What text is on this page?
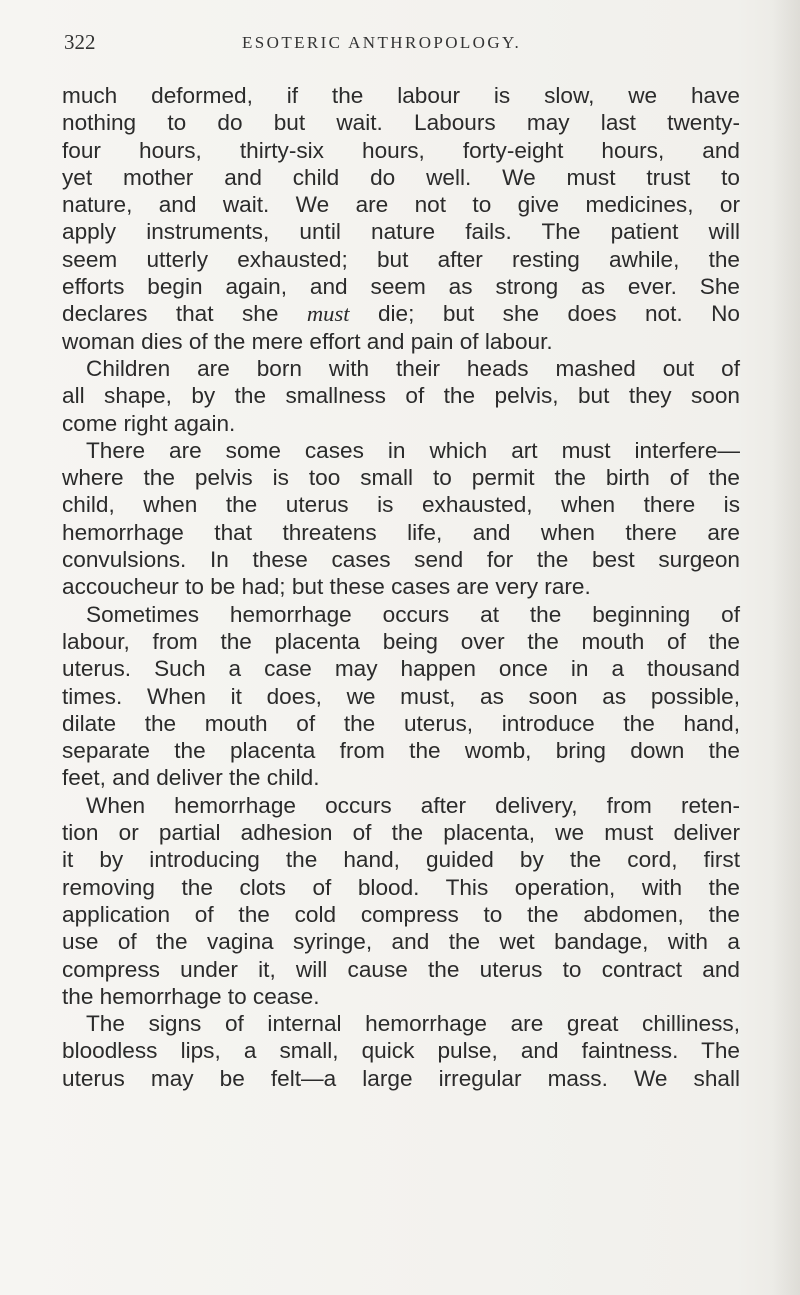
322	ESOTERIC ANTHROPOLOGY.
much deformed, if the labour is slow, we have
nothing to do but wait. Labours may last twenty-
four hours, thirty-six hours, forty-eight hours, and
yet mother and child do well. We must trust to
nature, and wait. We are not to give medicines, or
apply instruments, until nature fails. The patient will
seem utterly exhausted; but after resting awhile, the
efforts begin again, and seem as strong as ever. She
declares that she must die; but she does not. No
woman dies of the mere effort and pain of labour.
Children are born with their heads mashed out of
all shape, by the smallness of the pelvis, but they soon
come right again.
There are some cases in which art must interfere—
where the pelvis is too small to permit the birth of the
child, when the uterus is exhausted, when there is
hemorrhage that threatens life, and when there are
convulsions. In these cases send for the best surgeon
accoucheur to be had; but these cases are very rare.
Sometimes hemorrhage occurs at the beginning of
labour, from the placenta being over the mouth of the
uterus. Such a case may happen once in a thousand
times. When it does, we must, as soon as possible,
dilate the mouth of the uterus, introduce the hand,
separate the placenta from the womb, bring down the
feet, and deliver the child.
When hemorrhage occurs after delivery, from reten-
tion or partial adhesion of the placenta, we must deliver
it by introducing the hand, guided by the cord, first
removing the clots of blood. This operation, with the
application of the cold compress to the abdomen, the
use of the vagina syringe, and the wet bandage, with a
compress under it, will cause the uterus to contract and
the hemorrhage to cease.
The signs of internal hemorrhage are great chilliness,
bloodless lips, a small, quick pulse, and faintness. The
uterus may be felt—a large irregular mass. We shall
